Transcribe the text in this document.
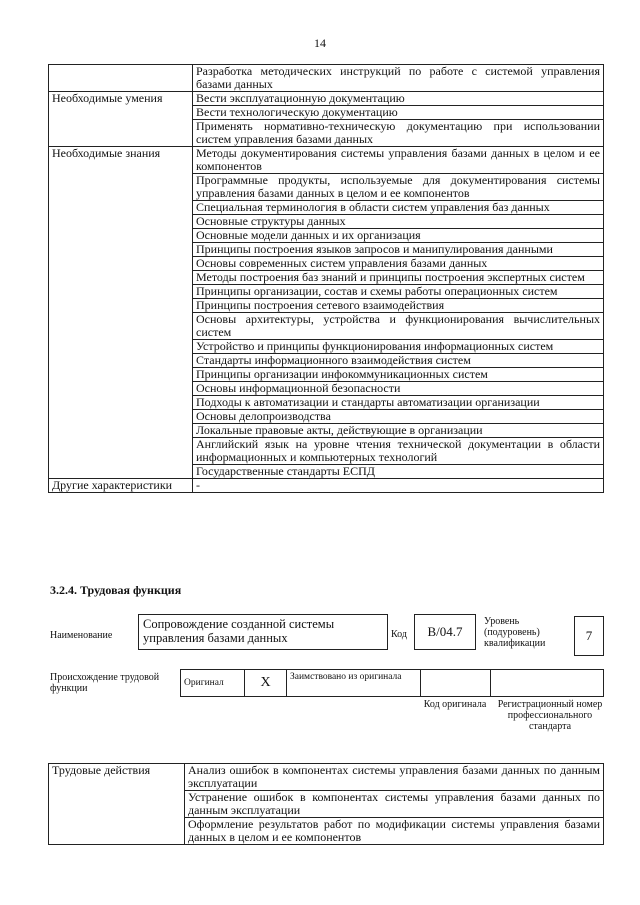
14
	Разработка методических инструкций по работе с системой управления базами данных
Необходимые умения	Вести эксплуатационную документацию
	Вести технологическую документацию
	Применять нормативно-техническую документацию при использовании систем управления базами данных
Необходимые знания	Методы документирования системы управления базами данных в целом и ее компонентов
	Программные продукты, используемые для документирования системы управления базами данных в целом и ее компонентов
	Специальная терминология в области систем управления баз данных
	Основные структуры данных
	Основные модели данных и их организация
	Принципы построения языков запросов и манипулирования данными
	Основы современных систем управления базами данных
	Методы построения баз знаний и принципы построения экспертных систем
	Принципы организации, состав и схемы работы операционных систем
	Принципы построения сетевого взаимодействия
	Основы архитектуры, устройства и функционирования вычислительных систем
	Устройство и принципы функционирования информационных систем
	Стандарты информационного взаимодействия систем
	Принципы организации инфокоммуникационных систем
	Основы информационной безопасности
	Подходы к автоматизации и стандарты автоматизации организации
	Основы делопроизводства
	Локальные правовые акты, действующие в организации
	Английский язык на уровне чтения технической документации в области информационных и компьютерных технологий
	Государственные стандарты ЕСПД
Другие характеристики	-
3.2.4. Трудовая функция
Наименование
Сопровождение созданной системы управления базами данных	Код	B/04.7
Уровень (подуровень) квалификации
7
Происхождение трудовой функции	Оригинал	X	Заимствовано из оригинала		
Код оригинала	Регистрационный номер профессионального стандарта
Трудовые действия	Анализ ошибок в компонентах системы управления базами данных по данным эксплуатации
Устранение ошибок в компонентах системы управления базами данных по данным эксплуатации
Оформление результатов работ по модификации системы управления базами данных в целом и ее компонентов
